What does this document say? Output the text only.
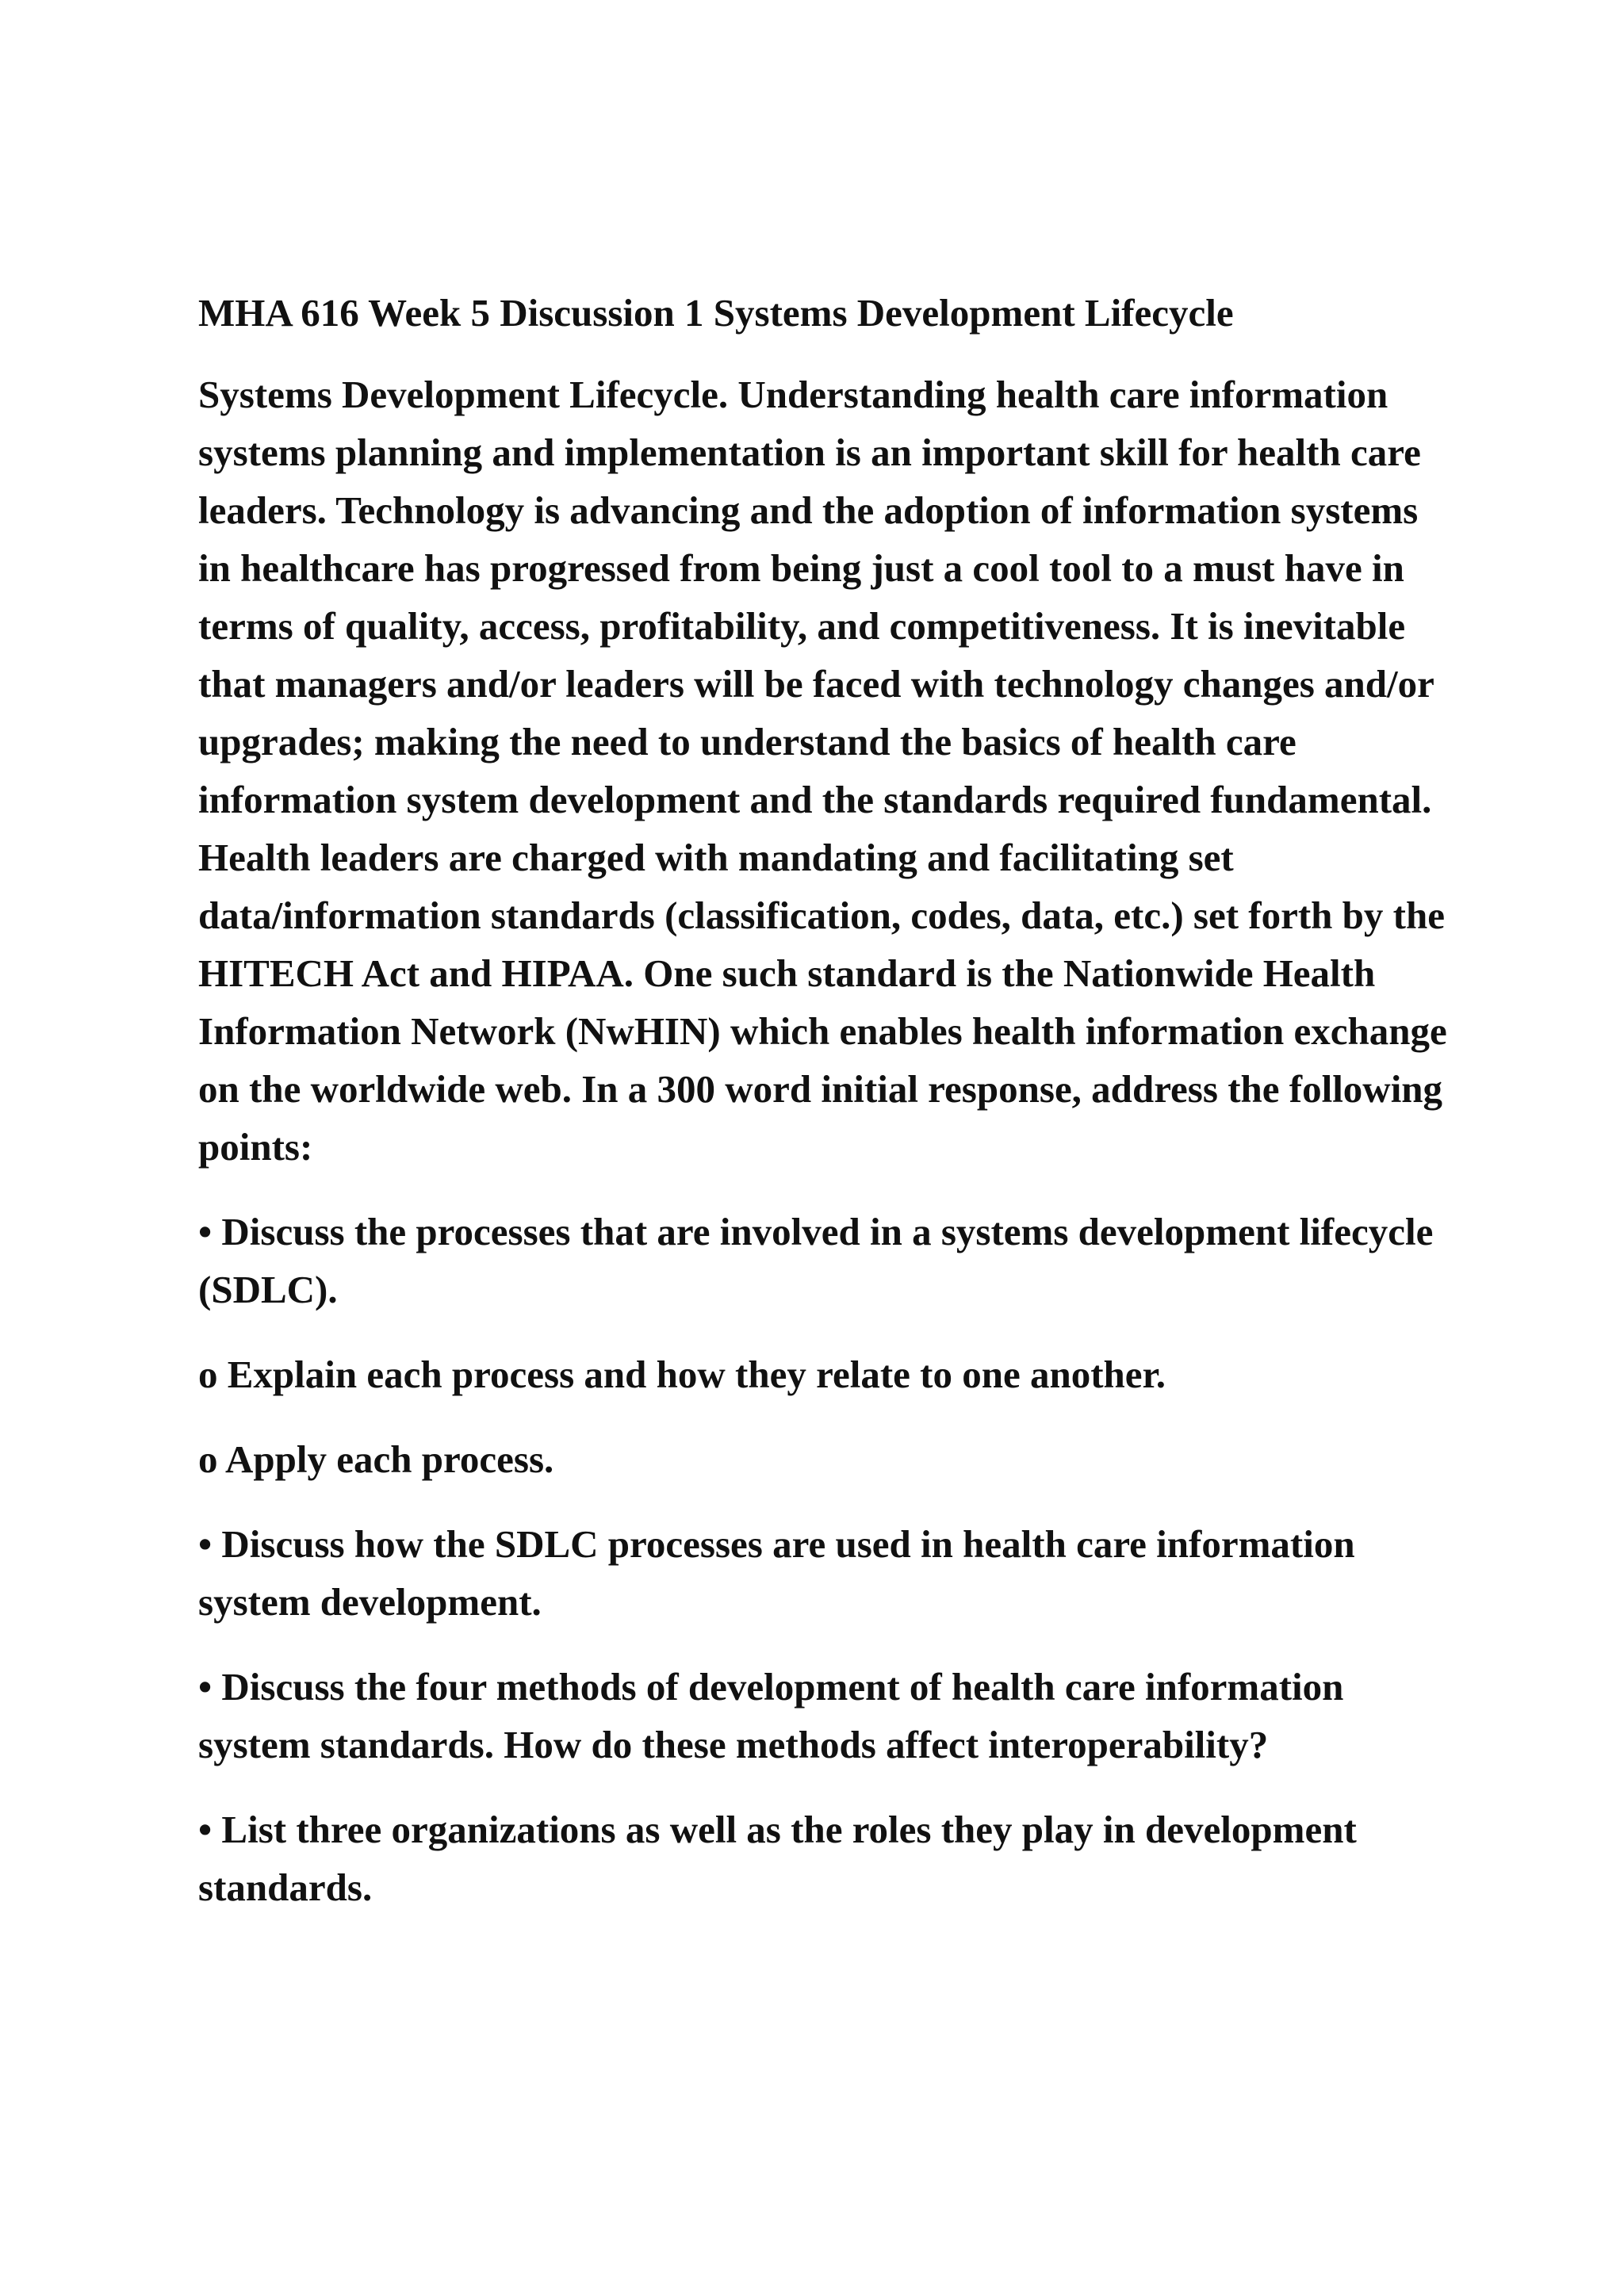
MHA 616 Week 5 Discussion 1 Systems Development Lifecycle

Systems Development Lifecycle. Understanding health care information systems planning and implementation is an important skill for health care leaders. Technology is advancing and the adoption of information systems in healthcare has progressed from being just a cool tool to a must have in terms of quality, access, profitability, and competitiveness. It is inevitable that managers and/or leaders will be faced with technology changes and/or upgrades; making the need to understand the basics of health care information system development and the standards required fundamental. Health leaders are charged with mandating and facilitating set data/information standards (classification, codes, data, etc.) set forth by the HITECH Act and HIPAA. One such standard is the Nationwide Health Information Network (NwHIN) which enables health information exchange on the worldwide web. In a 300 word initial response, address the following points:

• Discuss the processes that are involved in a systems development lifecycle (SDLC).

o Explain each process and how they relate to one another.

o Apply each process.

• Discuss how the SDLC processes are used in health care information system development.

• Discuss the four methods of development of health care information system standards. How do these methods affect interoperability?

• List three organizations as well as the roles they play in development standards.
